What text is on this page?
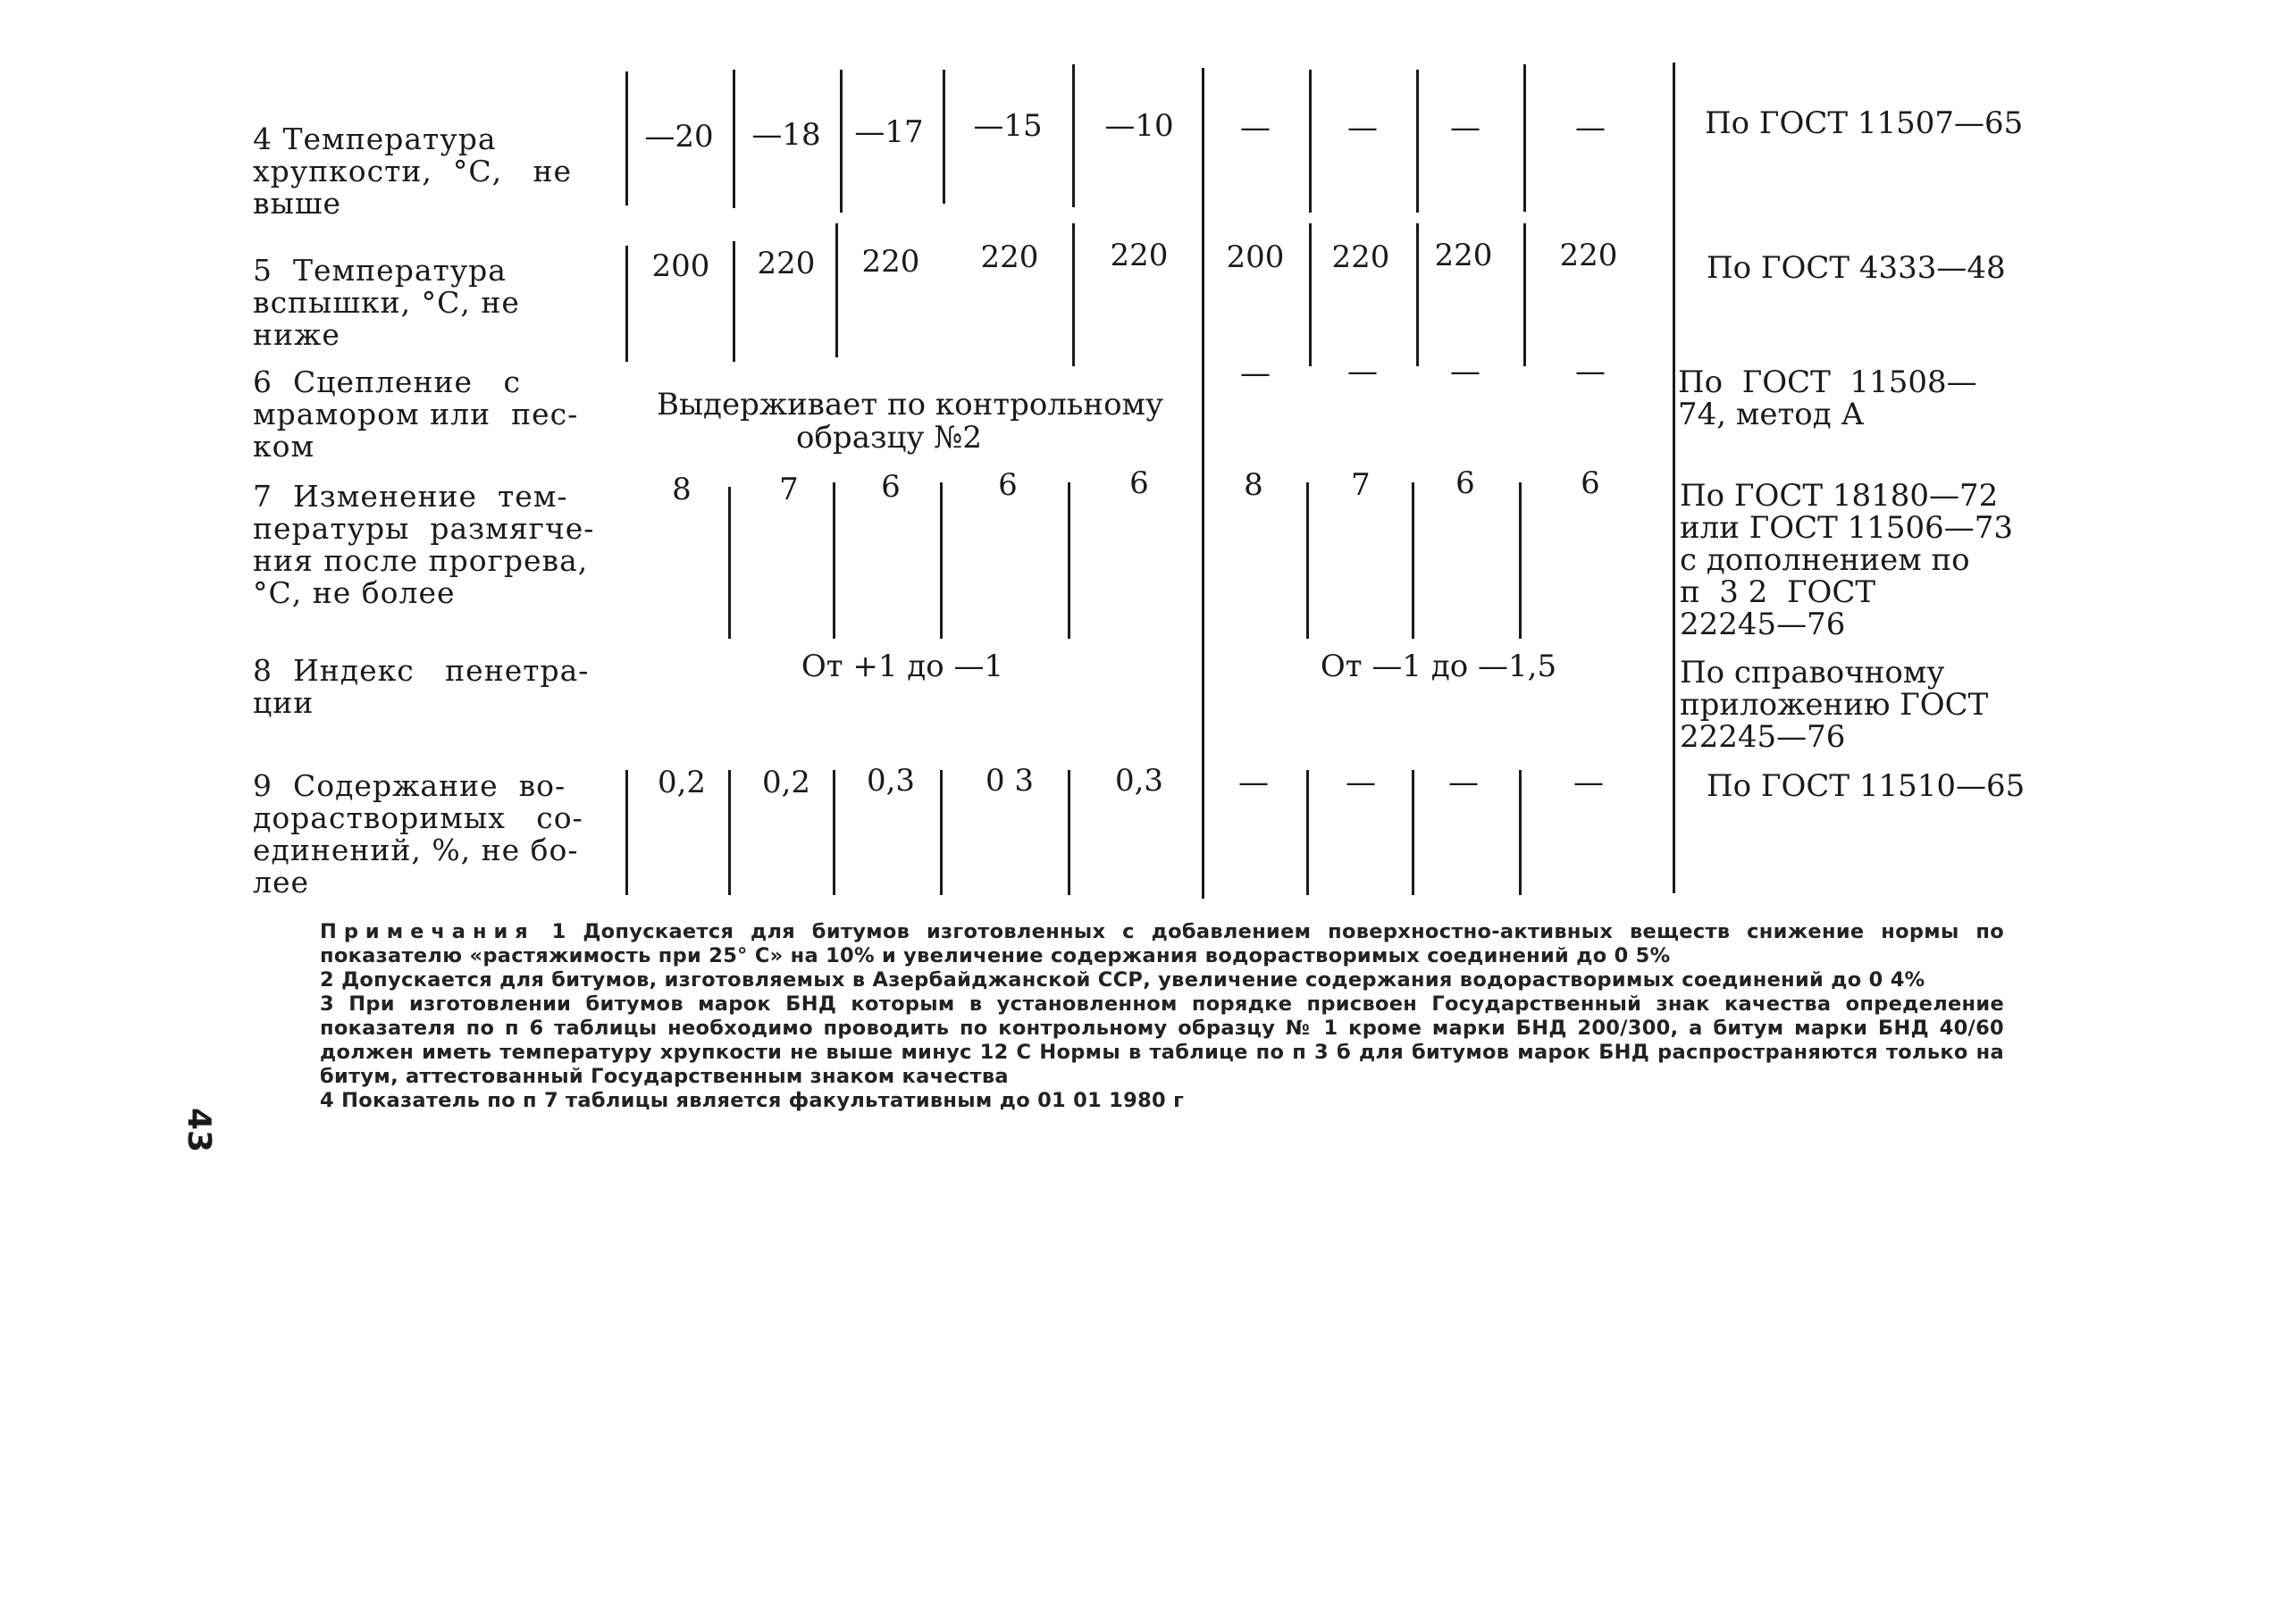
4 Температура
хрупкости,  °С,   не
выше
—20	—18	—17	—15	—10	—	—	—	—	По ГОСТ 11507—65
5  Температура
вспышки, °С, не
ниже
200	220	220	220	220	200	220	220	220	По ГОСТ 4333—48
6  Сцепление   с
мрамором или  пес-
ком
Выдерживает по контрольному
образцу №2
—	—	—	—	По  ГОСТ  11508—
74, метод А
7  Изменение  тем-
пературы  размягче-
ния после прогрева,
°С, не более
8	7	6	6	6	8	7	6	6	По ГОСТ 18180—72
или ГОСТ 11506—73
с дополнением по
п  3 2  ГОСТ
22245—76
8  Индекс   пенетра-
ции
От +1 до —1	От —1 до —1,5	По справочному
приложению ГОСТ
22245—76
9  Содержание  во-
дорастворимых   со-
единений, %, не бо-
лее
0,2	0,2	0,3	0 3	0,3	—	—	—	—	По ГОСТ 11510—65

Примечания 1 Допускается для битумов изготовленных с добавлением поверхностно-активных веществ снижение нормы по показателю «растяжимость при 25° С» на 10% и увеличение содержания водорастворимых соединений до 0 5%

2 Допускается для битумов, изготовляемых в Азербайджанской ССР, увеличение содержания водорастворимых соединений до 0 4%

3 При изготовлении битумов марок БНД которым в установленном порядке присвоен Государственный знак качества определение показателя по п 6 таблицы необходимо проводить по контрольному образцу № 1 кроме марки БНД 200/300, а битум марки БНД 40/60 должен иметь температуру хрупкости не выше минус 12 С Нормы в таблице по п 3 б для битумов марок БНД распространяются только на битум, аттестованный Государственным знаком качества

4 Показатель по п 7 таблицы является факультативным до 01 01 1980 г

43
